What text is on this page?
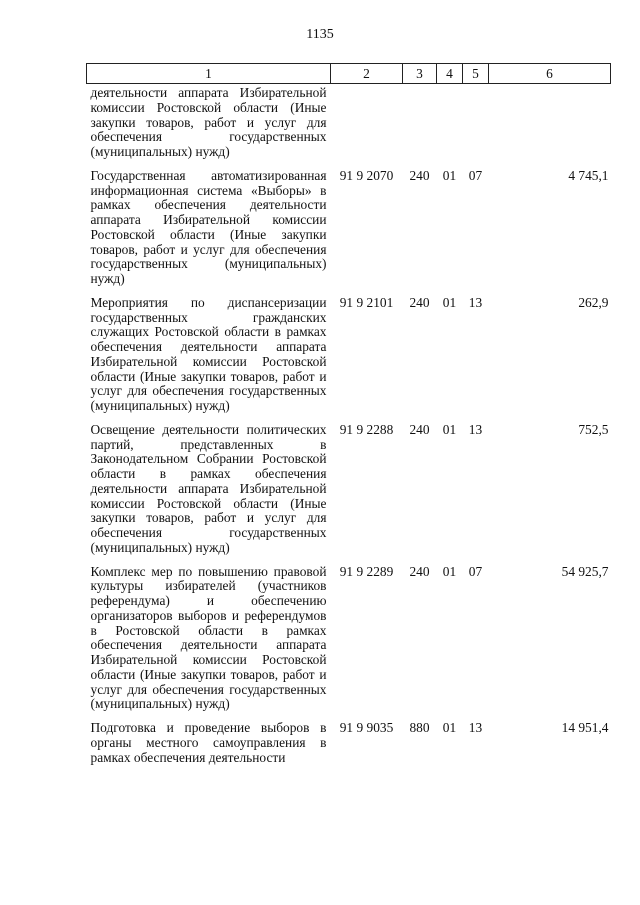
1135
1	2	3	4	5	6
деятельности аппарата Избирательной комиссии Ростовской области (Иные закупки товаров, работ и услуг для обеспечения государственных (муниципальных) нужд)					
Государственная автоматизированная информационная система «Выборы» в рамках обеспечения деятельности аппарата Избирательной комиссии Ростовской области (Иные закупки товаров, работ и услуг для обеспечения государственных (муниципальных) нужд)	91 9 2070	240	01	07	4 745,1
Мероприятия по диспансеризации государственных гражданских служащих Ростовской области в рамках обеспечения деятельности аппарата Избирательной комиссии Ростовской области (Иные закупки товаров, работ и услуг для обеспечения государственных (муниципальных) нужд)	91 9 2101	240	01	13	262,9
Освещение деятельности политических партий, представленных в Законодательном Собрании Ростовской области в рамках обеспечения деятельности аппарата Избирательной комиссии Ростовской области (Иные закупки товаров, работ и услуг для обеспечения государственных (муниципальных) нужд)	91 9 2288	240	01	13	752,5
Комплекс мер по повышению правовой культуры избирателей (участников референдума) и обеспечению организаторов выборов и референдумов в Ростовской области в рамках обеспечения деятельности аппарата Избирательной комиссии Ростовской области (Иные закупки товаров, работ и услуг для обеспечения государственных (муниципальных) нужд)	91 9 2289	240	01	07	54 925,7
Подготовка и проведение выборов в органы местного самоуправления в рамках обеспечения деятельности	91 9 9035	880	01	13	14 951,4
